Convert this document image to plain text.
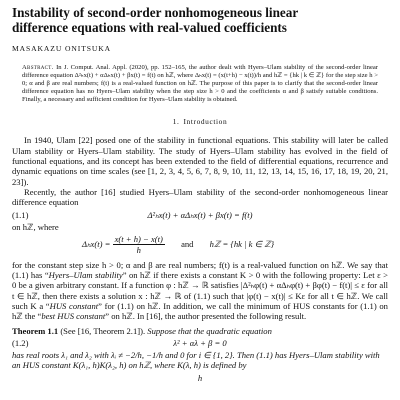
Instability of second-order nonhomogeneous linear
difference equations with real-valued coefficients
MASAKAZU ONITSUKA
Abstract. In J. Comput. Anal. Appl. (2020), pp. 152–165, the author dealt with Hyers–Ulam stability of the second-order linear difference equation Δ²ₕx(t) + αΔₕx(t) + βx(t) = f(t) on hℤ, where Δₕx(t) = (x(t+h) − x(t))/h and hℤ = {hk | k ∈ ℤ} for the step size h > 0; α and β are real numbers; f(t) is a real-valued function on hℤ. The purpose of this paper is to clarify that the second-order linear difference equation has no Hyers–Ulam stability when the step size h > 0 and the coefficients α and β satisfy suitable conditions. Finally, a necessary and sufficient condition for Hyers–Ulam stability is obtained.
1. Introduction

In 1940, Ulam [22] posed one of the stability in functional equations. This stability will later be called Ulam stability or Hyers–Ulam stability. The study of Hyers–Ulam stability has evolved in the field of functional equations, and its concept has been extended to the field of differential equations, recurrence and dynamic equations on time scales (see [1, 2, 3, 4, 5, 6, 7, 8, 9, 10, 11, 12, 13, 14, 15, 16, 17, 18, 19, 20, 21, 23]).

Recently, the author [16] studied Hyers–Ulam stability of the second-order nonhomogeneous linear difference equation

(1.1)	Δ²ₕx(t) + αΔₕx(t) + βx(t) = f(t)

on hℤ, where

$\Delta_hx(t) = \frac{x(t + h) - x(t)}{h}$ and hℤ = {hk | k ∈ ℤ}

for the constant step size h > 0; α and β are real numbers; f(t) is a real-valued function on hℤ. We say that (1.1) has “Hyers–Ulam stability” on hℤ if there exists a constant K > 0 with the following property: Let ε > 0 be a given arbitrary constant. If a function φ : hℤ → ℝ satisfies |Δ²ₕφ(t) + αΔₕφ(t) + βφ(t) − f(t)| ≤ ε for all t ∈ hℤ, then there exists a solution x : hℤ → ℝ of (1.1) such that |φ(t) − x(t)| ≤ Kε for all t ∈ hℤ. We call such K a “HUS constant” for (1.1) on hℤ. In addition, we call the minimum of HUS constants for (1.1) on hℤ the “best HUS constant” on hℤ. In [16], the author presented the following result.

Theorem 1.1 (See [16, Theorem 2.1]). Suppose that the quadratic equation

(1.2)	λ² + αλ + β = 0

has real roots λ₁ and λ₂ with λᵢ ≠ −2/h, −1/h and 0 for i ∈ {1, 2}. Then (1.1) has Hyers–Ulam stability with an HUS constant K(λ₁, h)K(λ₂, h) on hℤ, where K(λ, h) is defined by

h
